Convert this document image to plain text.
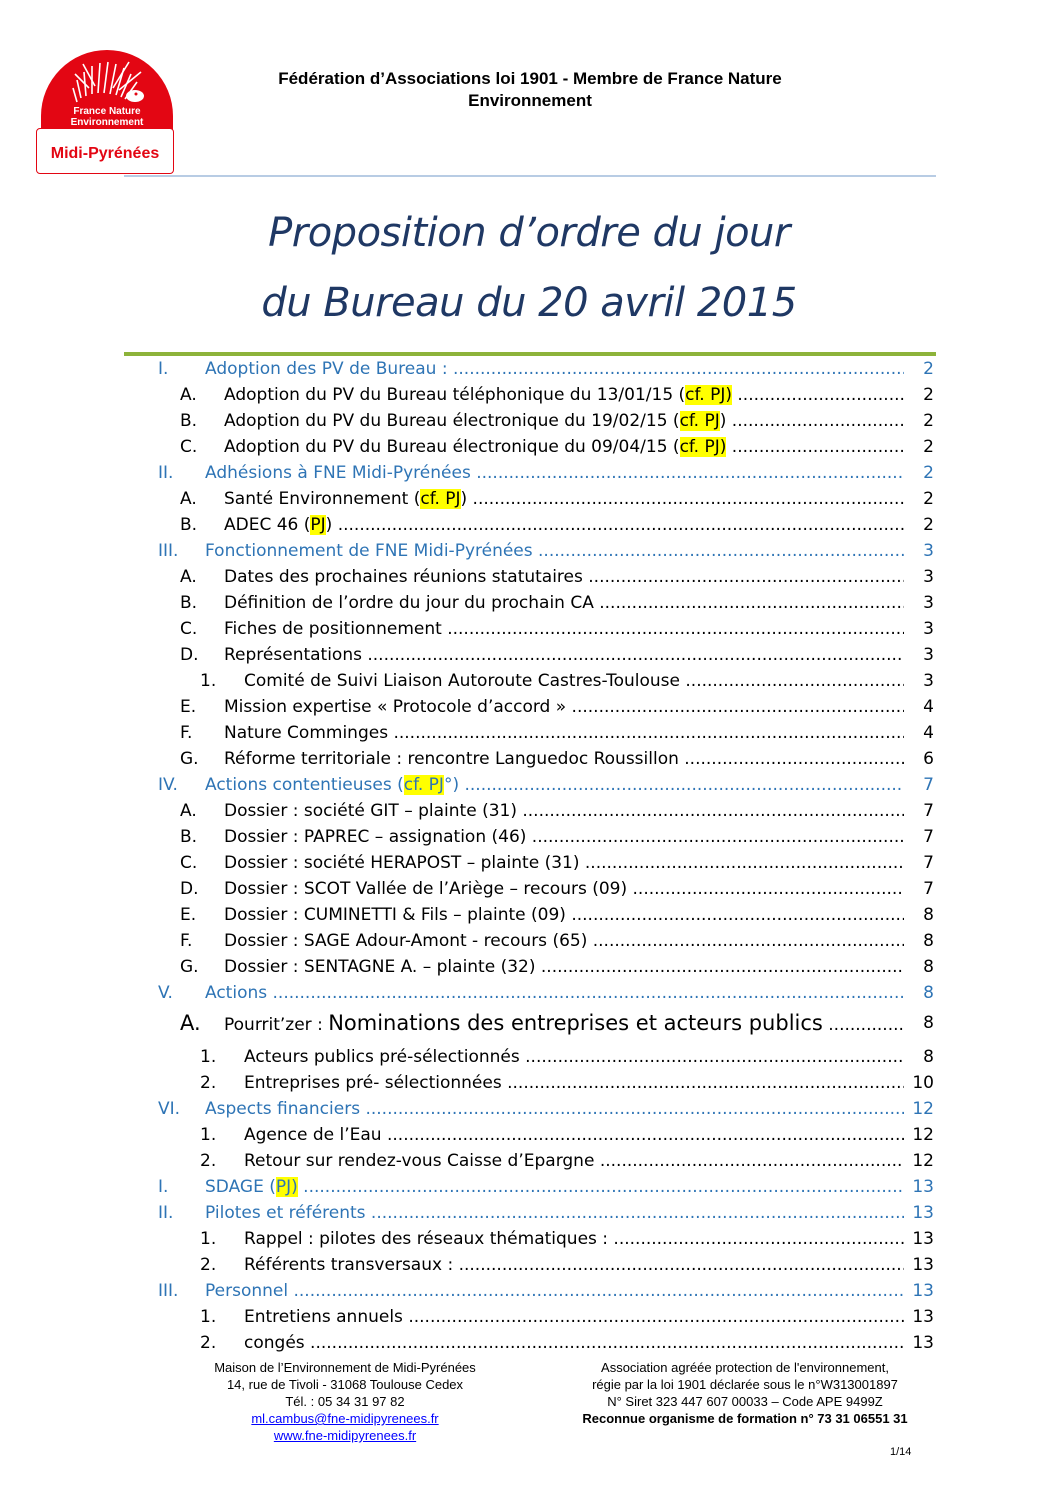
France Nature
Environnement
Midi-Pyrénées
Fédération d’Associations loi 1901 - Membre de France Nature
Environnement
Proposition d’ordre du jour
du Bureau du 20 avril 2015
I. Adoption des PV de Bureau : .....	2
A. Adoption du PV du Bureau téléphonique du 13/01/15 (cf. PJ) .....	2
B. Adoption du PV du Bureau électronique du 19/02/15 (cf. PJ) .....	2
C. Adoption du PV du Bureau électronique du 09/04/15 (cf. PJ) .....	2
II. Adhésions à FNE Midi-Pyrénées .....	2
A. Santé Environnement (cf. PJ) .....	2
B. ADEC 46 (PJ) .....	2
III. Fonctionnement de FNE Midi-Pyrénées .....	3
A. Dates des prochaines réunions statutaires .....	3
B. Définition de l’ordre du jour du prochain CA .....	3
C. Fiches de positionnement .....	3
D. Représentations .....	3
1. Comité de Suivi Liaison Autoroute Castres-Toulouse .....	3
E. Mission expertise « Protocole d’accord » .....	4
F. Nature Comminges .....	4
G. Réforme territoriale : rencontre Languedoc Roussillon .....	6
IV. Actions contentieuses (cf. PJ°) .....	7
A. Dossier : société GIT – plainte (31) .....	7
B. Dossier : PAPREC – assignation (46) .....	7
C. Dossier : société HERAPOST – plainte (31) .....	7
D. Dossier : SCOT Vallée de l’Ariège – recours (09) .....	7
E. Dossier : CUMINETTI & Fils – plainte (09) .....	8
F. Dossier : SAGE Adour-Amont - recours (65) .....	8
G. Dossier : SENTAGNE A. – plainte (32) .....	8
V. Actions .....	8
A. Pourrit’zer : Nominations des entreprises et acteurs publics .....	8
1. Acteurs publics pré-sélectionnés .....	8
2. Entreprises pré- sélectionnées .....	10
VI. Aspects financiers .....	12
1. Agence de l’Eau .....	12
2. Retour sur rendez-vous Caisse d’Epargne .....	12
I. SDAGE (PJ) .....	13
II. Pilotes et référents .....	13
1. Rappel : pilotes des réseaux thématiques : .....	13
2. Référents transversaux : .....	13
III. Personnel .....	13
1. Entretiens annuels .....	13
2. congés .....	13
Maison de l’Environnement de Midi-Pyrénées
14, rue de Tivoli - 31068 Toulouse Cedex
Tél. : 05 34 31 97 82
ml.cambus@fne-midipyrenees.fr
www.fne-midipyrenees.fr
Association agréée protection de l'environnement,
régie par la loi 1901 déclarée sous le n°W313001897
N° Siret 323 447 607 00033 – Code APE 9499Z
Reconnue organisme de formation n° 73 31 06551 31
1/14
